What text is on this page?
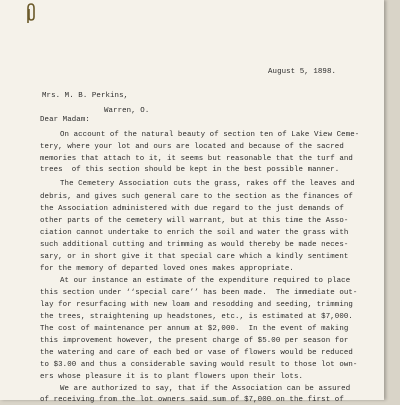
August 5, 1898.
Mrs. M. B. Perkins,
Warren, O.
Dear Madam:
On account of the natural beauty of section ten of Lake View Ceme-
tery, where your lot and ours are located and because of the sacred
memories that attach to it, it seems but reasonable that the turf and
trees  of this section should be kept in the best possible manner.
The Cemetery Association cuts the grass, rakes off the leaves and
debris, and gives such general care to the section as the finances of
the Association administered with due regard to the just demands of
other parts of the cemetery will warrant, but at this time the Asso-
ciation cannot undertake to enrich the soil and water the grass with
such additional cutting and trimming as would thereby be made neces-
sary, or in short give it that special care which a kindly sentiment
for the memory of departed loved ones makes appropriate.
At our instance an estimate of the expenditure required to place
this section under ‘‘special care’’ has been made.  The immediate out-
lay for resurfacing with new loam and resodding and seeding, trimming
the trees, straightening up headstones, etc., is estimated at $7,000.
The cost of maintenance per annum at $2,000.  In the event of making
this improvement however, the present charge of $5.00 per season for
the watering and care of each bed or vase of flowers would be reduced
to $3.00 and thus a considerable saving would result to those lot own-
ers whose pleasure it is to plant flowers upon their lots.
We are authorized to say, that if the Association can be assured
of receiving from the lot owners said sum of $7,000 on the first of
